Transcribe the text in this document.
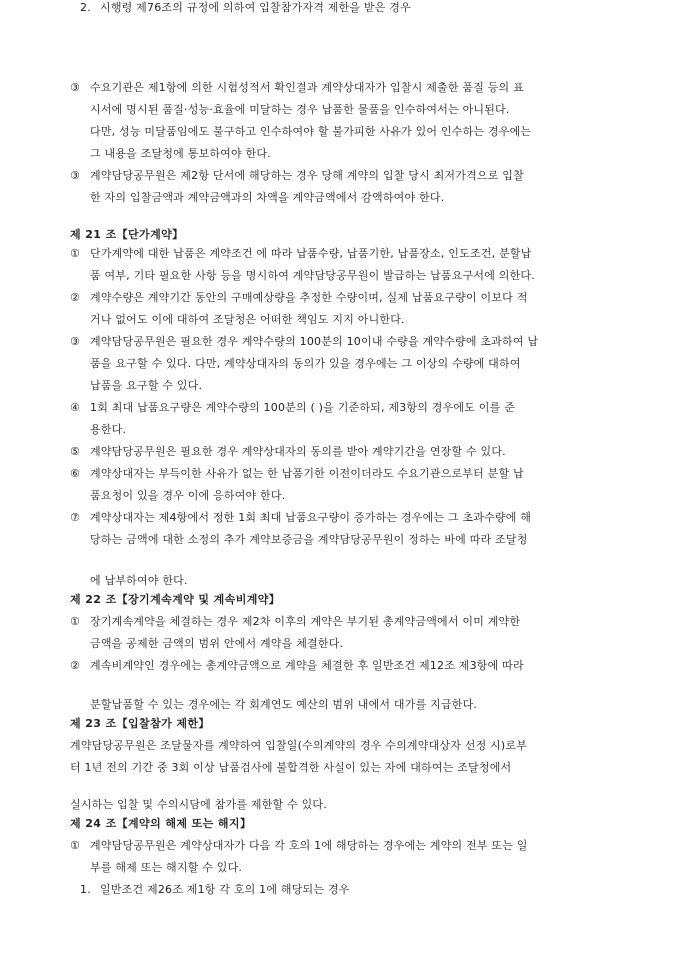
③ 수요기관은 제1항에 의한 시험성적서 확인결과 계약상대자가 입찰시 제출한 품질 등의 표
시서에 명시된 품질·성능·효율에 미달하는 경우 납품한 물품을 인수하여서는 아니된다.
다만, 성능 미달품임에도 불구하고 인수하여야 할 불가피한 사유가 있어 인수하는 경우에는
그 내용을 조달청에 통보하여야 한다.
③ 계약담당공무원은 제2항 단서에 해당하는 경우 당해 계약의 입찰 당시 최저가격으로 입찰
한 자의 입찰금액과 계약금액과의 차액을 계약금액에서 감액하여야 한다.
제 21 조【단가계약】
① 단가계약에 대한 납품은 계약조건 에 따라 납품수량, 납품기한, 납품장소, 인도조건, 분할납
품 여부, 기타 필요한 사항 등을 명시하여 계약담당공무원이 발급하는 납품요구서에 의한다.
② 계약수량은 계약기간 동안의 구매예상량을 추정한 수량이며, 실제 납품요구량이 이보다 적
거나 없어도 이에 대하여 조달청은 어떠한 책임도 지지 아니한다.
③ 계약담당공무원은 필요한 경우 계약수량의 100분의 10이내 수량을 계약수량에 초과하여 납
품을 요구할 수 있다. 다만, 계약상대자의 동의가 있을 경우에는 그 이상의 수량에 대하여
납품을 요구할 수 있다.
④ 1회 최대 납품요구량은 계약수량의 100분의 ( )을 기준하되, 제3항의 경우에도 이를 준
용한다.
⑤ 계약담당공무원은 필요한 경우 계약상대자의 동의를 받아 계약기간을 연장할 수 있다.
⑥ 계약상대자는 부득이한 사유가 없는 한 납품기한 이전이더라도 수요기관으로부터 분할 납
품요청이 있을 경우 이에 응하여야 한다.
⑦ 계약상대자는 제4항에서 정한 1회 최대 납품요구량이 증가하는 경우에는 그 초과수량에 해
당하는 금액에 대한 소정의 추가 계약보증금을 계약담당공무원이 정하는 바에 따라 조달청
에 납부하여야 한다.
제 22 조【장기계속계약 및 계속비계약】
① 장기계속계약을 체결하는 경우 제2차 이후의 계약은 부기된 총계약금액에서 이미 계약한
금액을 공제한 금액의 범위 안에서 계약을 체결한다.
② 계속비계약인 경우에는 총계약금액으로 계약을 체결한 후 일반조건 제12조 제3항에 따라
분할납품할 수 있는 경우에는 각 회계연도 예산의 범위 내에서 대가를 지급한다.
제 23 조【입찰참가 제한】
계약담당공무원은 조달물자를 계약하여 입찰일(수의계약의 경우 수의계약대상자 선정 시)로부
터 1년 전의 기간 중 3회 이상 납품검사에 불합격한 사실이 있는 자에 대하여는 조달청에서
실시하는 입찰 및 수의시담에 참가를 제한할 수 있다.
제 24 조【계약의 해제 또는 해지】
① 계약담당공무원은 계약상대자가 다음 각 호의 1에 해당하는 경우에는 계약의 전부 또는 일
부를 해제 또는 해지할 수 있다.
1. 일반조건 제26조 제1항 각 호의 1에 해당되는 경우
2. 시행령 제76조의 규정에 의하여 입찰참가자격 제한을 받은 경우
